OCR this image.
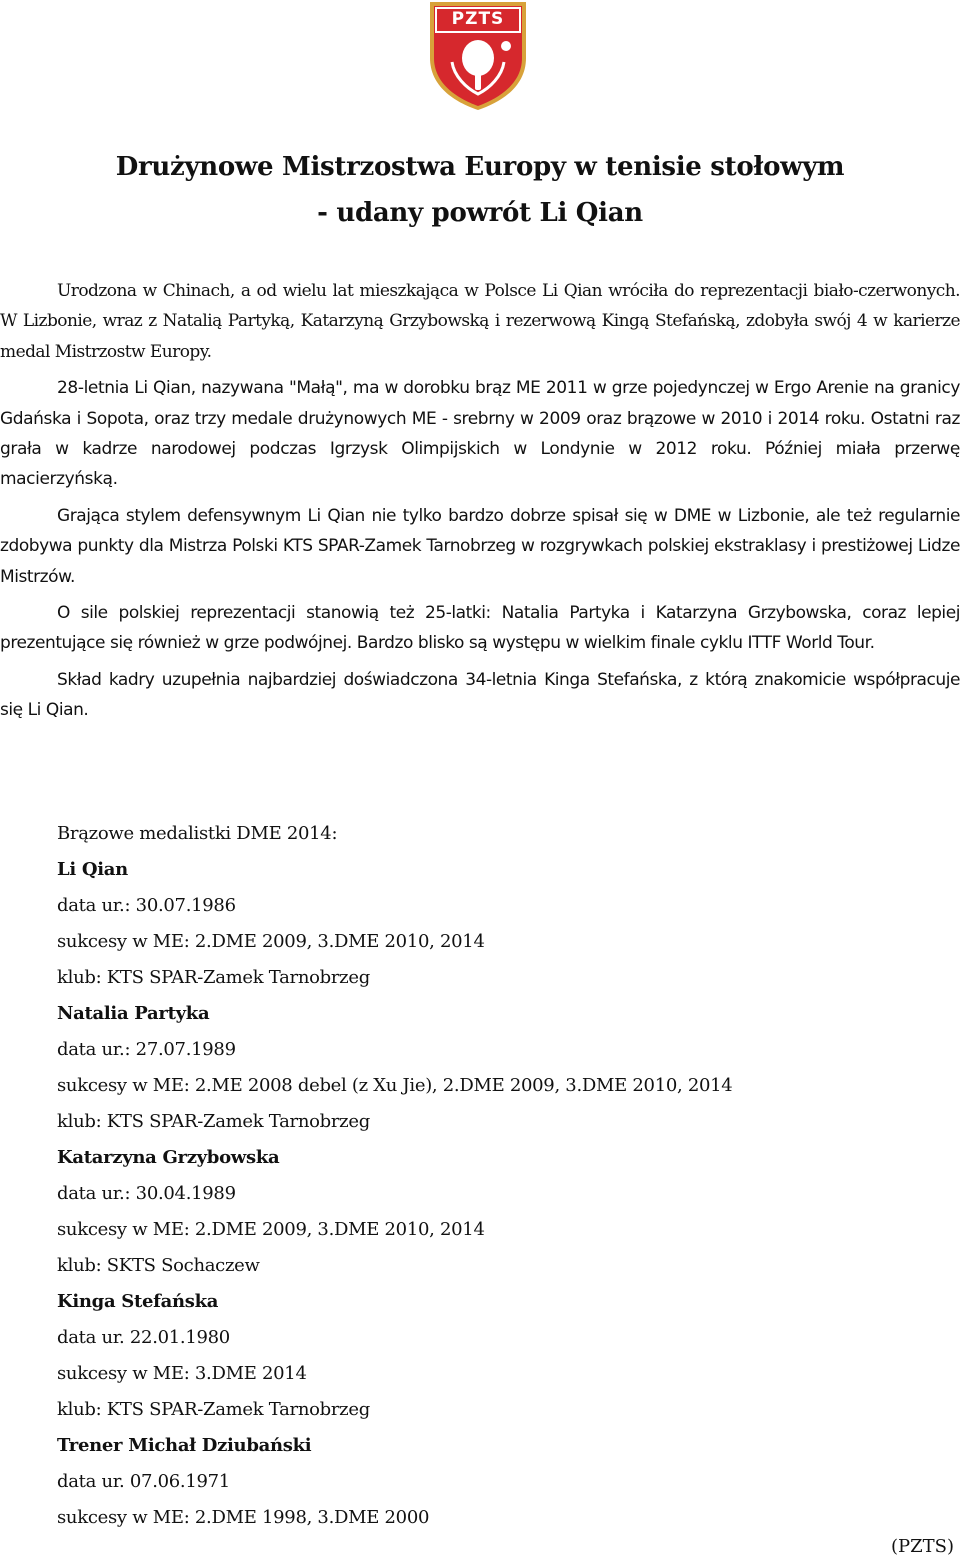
PZTS
Drużynowe Mistrzostwa Europy w tenisie stołowym
- udany powrót Li Qian

Urodzona w Chinach, a od wielu lat mieszkająca w Polsce Li Qian wróciła do reprezentacji biało-czerwonych. W Lizbonie, wraz z Natalią Partyką, Katarzyną Grzybowską i rezerwową Kingą Stefańską, zdobyła swój 4 w karierze medal Mistrzostw Europy.

28-letnia Li Qian, nazywana "Małą", ma w dorobku brąz ME 2011 w grze pojedynczej w Ergo Arenie na granicy Gdańska i Sopota, oraz trzy medale drużynowych ME - srebrny w 2009 oraz brązowe w 2010 i 2014 roku. Ostatni raz grała w kadrze narodowej podczas Igrzysk Olimpijskich w Londynie w 2012 roku. Później miała przerwę macierzyńską.

Grająca stylem defensywnym Li Qian nie tylko bardzo dobrze spisał się w DME w Lizbonie, ale też regularnie zdobywa punkty dla Mistrza Polski KTS SPAR-Zamek Tarnobrzeg w rozgrywkach polskiej ekstraklasy i prestiżowej Lidze Mistrzów.

O sile polskiej reprezentacji stanowią też 25-latki: Natalia Partyka i Katarzyna Grzybowska, coraz lepiej prezentujące się również w grze podwójnej. Bardzo blisko są występu w wielkim finale cyklu ITTF World Tour.

Skład kadry uzupełnia najbardziej doświadczona 34-letnia Kinga Stefańska, z którą znakomicie współpracuje się Li Qian.

Brązowe medalistki DME 2014:
Li Qian
data ur.: 30.07.1986
sukcesy w ME: 2.DME 2009, 3.DME 2010, 2014
klub: KTS SPAR-Zamek Tarnobrzeg
Natalia Partyka
data ur.: 27.07.1989
sukcesy w ME: 2.ME 2008 debel (z Xu Jie), 2.DME 2009, 3.DME 2010, 2014
klub: KTS SPAR-Zamek Tarnobrzeg
Katarzyna Grzybowska
data ur.: 30.04.1989
sukcesy w ME: 2.DME 2009, 3.DME 2010, 2014
klub: SKTS Sochaczew
Kinga Stefańska
data ur. 22.01.1980
sukcesy w ME: 3.DME 2014
klub: KTS SPAR-Zamek Tarnobrzeg
Trener Michał Dziubański
data ur. 07.06.1971
sukcesy w ME: 2.DME 1998, 3.DME 2000
(PZTS)
